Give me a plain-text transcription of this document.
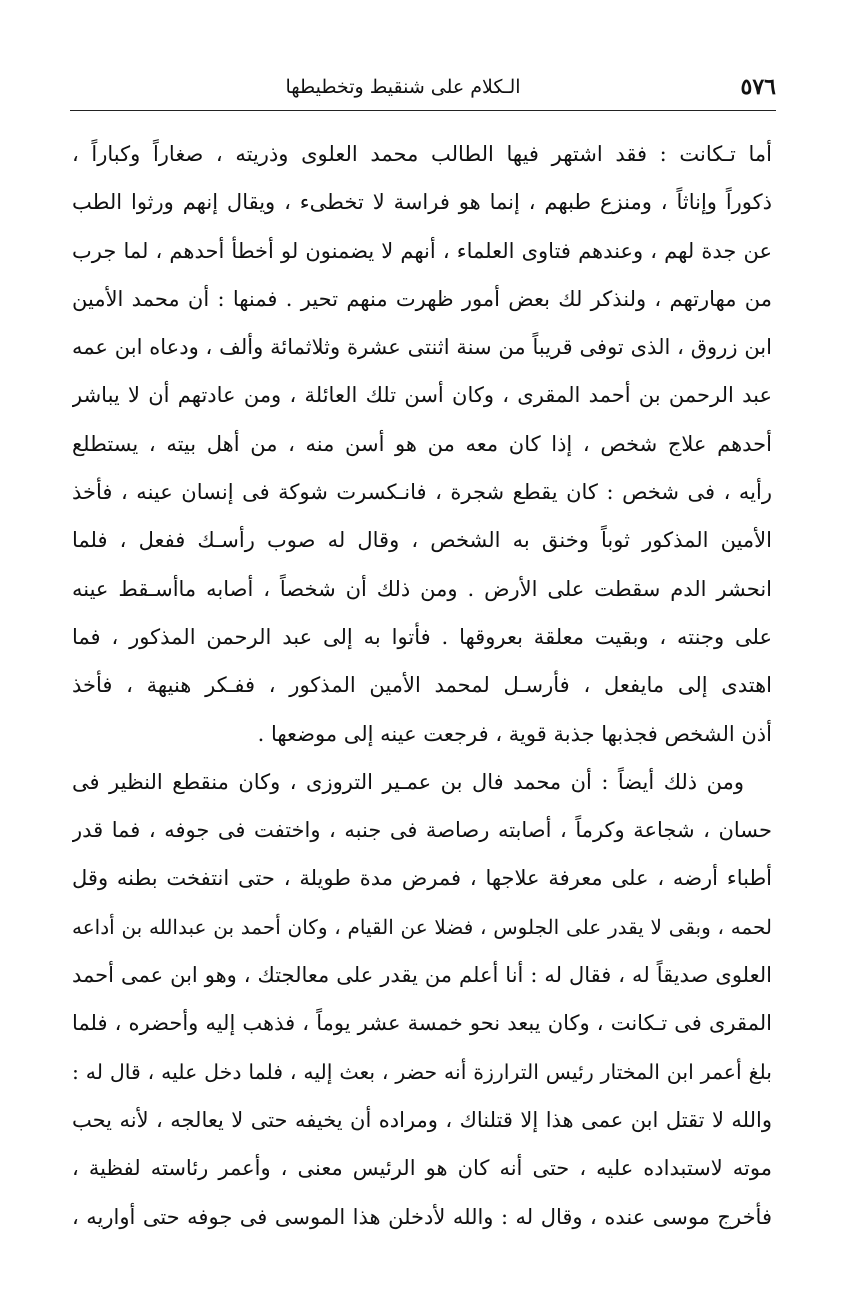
٥٧٦
الـكلام على شنقيط وتخطيطها
أما تـكانت : فقد اشتهر فيها الطالب محمد العلوى وذريته ، صغاراً وكباراً ،
ذكوراً وإناثاً ، ومنزع طبهم ، إنما هو فراسة لا تخطىء ، ويقال إنهم ورثوا الطب
عن جدة لهم ، وعندهم فتاوى العلماء ، أنهم لا يضمنون لو أخطأ أحدهم ، لما جرب
من مهارتهم ، ولنذكر لك بعض أمور ظهرت منهم تحير . فمنها : أن محمد الأمين
ابن زروق ، الذى توفى قريباً من سنة اثنتى عشرة وثلاثمائة وألف ، ودعاه ابن عمه
عبد الرحمن بن أحمد المقرى ، وكان أسن تلك العائلة ، ومن عادتهم أن لا يباشر
أحدهم علاج شخص ، إذا كان معه من هو أسن منه ، من أهل بيته ، يستطلع
رأيه ، فى شخص : كان يقطع شجرة ، فانـكسرت شوكة فى إنسان عينه ، فأخذ
الأمين المذكور ثوباً وخنق به الشخص ، وقال له صوب رأسـك ففعل ، فلما
انحشر الدم سقطت على الأرض . ومن ذلك أن شخصاً ، أصابه ماأسـقط عينه
على وجنته ، وبقيت معلقة بعروقها . فأتوا به إلى عبد الرحمن المذكور ، فما
اهتدى إلى مايفعل ، فأرسـل لمحمد الأمين المذكور ، ففـكر هنيهة ، فأخذ
أذن الشخص فجذبها جذبة قوية ، فرجعت عينه إلى موضعها .
ومن ذلك أيضاً : أن محمد فال بن عمـير التروزى ، وكان منقطع النظير فى
حسان ، شجاعة وكرماً ، أصابته رصاصة فى جنبه ، واختفت فى جوفه ، فما قدر
أطباء أرضه ، على معرفة علاجها ، فمرض مدة طويلة ، حتى انتفخت بطنه وقل
لحمه ، وبقى لا يقدر على الجلوس ، فضلا عن القيام ، وكان أحمد بن عبدالله بن أداعه
العلوى صديقاً له ، فقال له : أنا أعلم من يقدر على معالجتك ، وهو ابن عمى أحمد
المقرى فى تـكانت ، وكان يبعد نحو خمسة عشر يوماً ، فذهب إليه وأحضره ، فلما
بلغ أعمر ابن المختار رئيس الترارزة أنه حضر ، بعث إليه ، فلما دخل عليه ، قال له :
والله لا تقتل ابن عمى هذا إلا قتلناك ، ومراده أن يخيفه حتى لا يعالجه ، لأنه يحب
موته لاستبداده عليه ، حتى أنه كان هو الرئيس معنى ، وأعمر رئاسته لفظية ،
فأخرج موسى عنده ، وقال له : والله لأدخلن هذا الموسى فى جوفه حتى أواريه ،
